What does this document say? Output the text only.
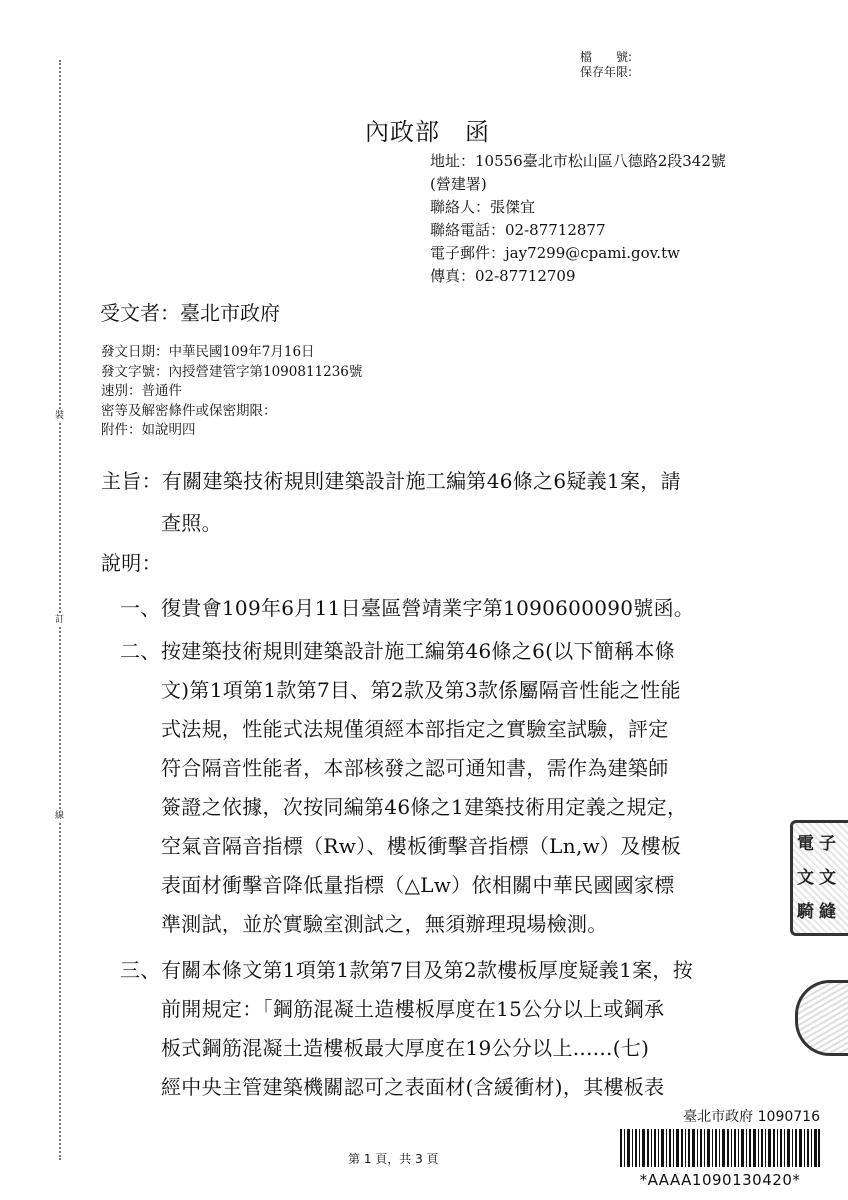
裝
訂
線
檔　　號:
保存年限:
內政部　函
地址：10556臺北市松山區八德路2段342號
(營建署)
聯絡人：張傑宜
聯絡電話：02-87712877
電子郵件：jay7299@cpami.gov.tw
傳真：02-87712709
受文者：臺北市政府
發文日期：中華民國109年7月16日
發文字號：內授營建管字第1090811236號
速別：普通件
密等及解密條件或保密期限：
附件：如說明四
主旨：有關建築技術規則建築設計施工編第46條之6疑義1案，請
查照。
說明：
一、 復貴會109年6月11日臺區營靖業字第1090600090號函。
二、 按建築技術規則建築設計施工編第46條之6(以下簡稱本條
文)第1項第1款第7目、第2款及第3款係屬隔音性能之性能
式法規，性能式法規僅須經本部指定之實驗室試驗，評定
符合隔音性能者，本部核發之認可通知書，需作為建築師
簽證之依據，次按同編第46條之1建築技術用定義之規定，
空氣音隔音指標（Rw）、樓板衝擊音指標（Ln,w）及樓板
表面材衝擊音降低量指標（△Lw）依相關中華民國國家標
準測試，並於實驗室測試之，無須辦理現場檢測。
三、 有關本條文第1項第1款第7目及第2款樓板厚度疑義1案，按
前開規定：「鋼筋混凝土造樓板厚度在15公分以上或鋼承
板式鋼筋混凝土造樓板最大厚度在19公分以上......(七)
經中央主管建築機關認可之表面材(含緩衝材)，其樓板表
電
文
騎
子
文
縫
臺北市政府 1090716
*AAAA1090130420*
第 1 頁，共 3 頁
